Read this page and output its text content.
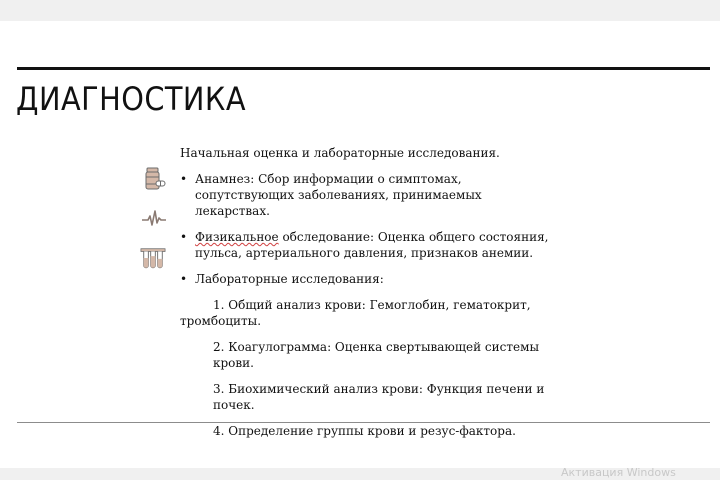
ДИАГНОСТИКА

Начальная оценка и лабораторные исследования.

• Анамнез: Сбор информации о симптомах, сопутствующих заболеваниях, принимаемых лекарствах.

• Физикальное обследование: Оценка общего состояния, пульса, артериального давления, признаков анемии.

• Лабораторные исследования:

1. Общий анализ крови: Гемоглобин, гематокрит, тромбоциты.

2. Коагулограмма: Оценка свертывающей системы крови.

3. Биохимический анализ крови: Функция печени и почек.

4. Определение группы крови и резус-фактора.

Активация Windows
